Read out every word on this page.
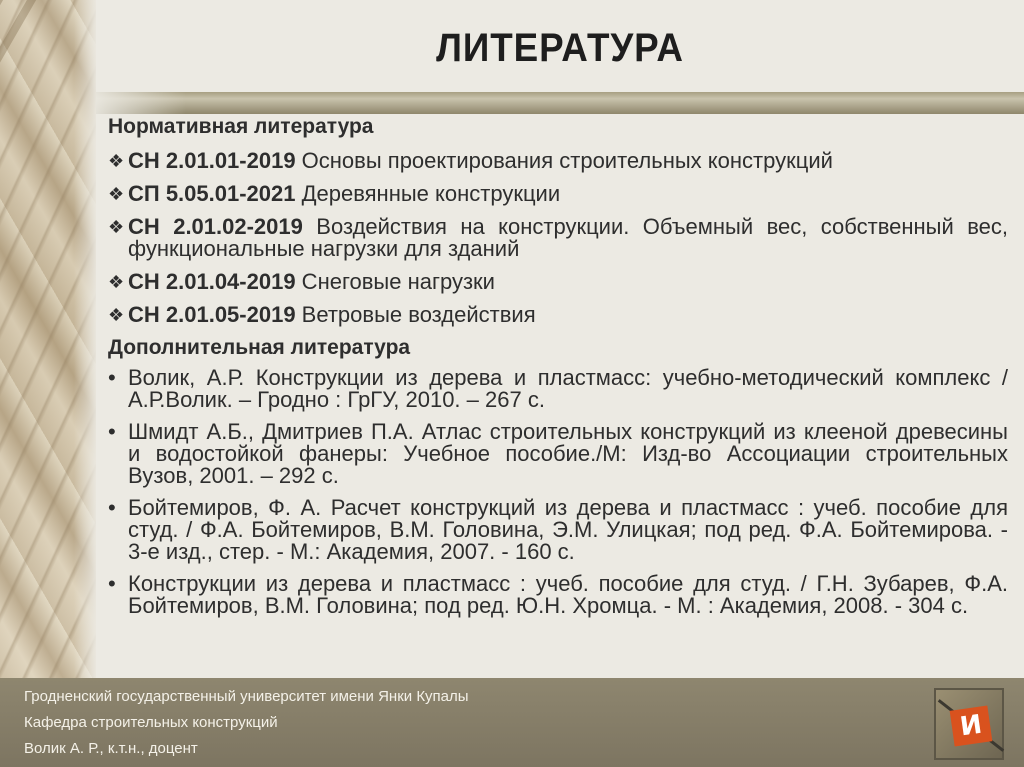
ЛИТЕРАТУРА
Нормативная литература
❖ СН 2.01.01-2019 Основы проектирования строительных конструкций
❖ СП 5.05.01-2021 Деревянные конструкции
❖ СН 2.01.02-2019 Воздействия на конструкции. Объемный вес, собственный вес, функциональные нагрузки для зданий
❖ СН 2.01.04-2019 Снеговые нагрузки
❖ СН 2.01.05-2019 Ветровые воздействия
Дополнительная литература
• Волик, А.Р. Конструкции из дерева и пластмасс: учебно-методический комплекс / А.Р.Волик. – Гродно : ГрГУ, 2010. – 267 с.
• Шмидт А.Б., Дмитриев П.А. Атлас строительных конструкций из клееной древесины и водостойкой фанеры: Учебное пособие./М: Изд-во Ассоциации строительных Вузов, 2001. – 292 с.
• Бойтемиров, Ф. А. Расчет конструкций из дерева и пластмасс : учеб. пособие для студ. / Ф.А. Бойтемиров, В.М. Головина, Э.М. Улицкая; под ред. Ф.А. Бойтемирова. - 3-е изд., стер. - М.: Академия, 2007. - 160 с.
• Конструкции из дерева и пластмасс : учеб. пособие для студ. / Г.Н. Зубарев, Ф.А. Бойтемиров, В.М. Головина; под ред. Ю.Н. Хромца. - М. : Академия, 2008. - 304 с.
Гродненский государственный университет имени Янки Купалы
Кафедра строительных конструкций
Волик А. Р., к.т.н., доцент
И
